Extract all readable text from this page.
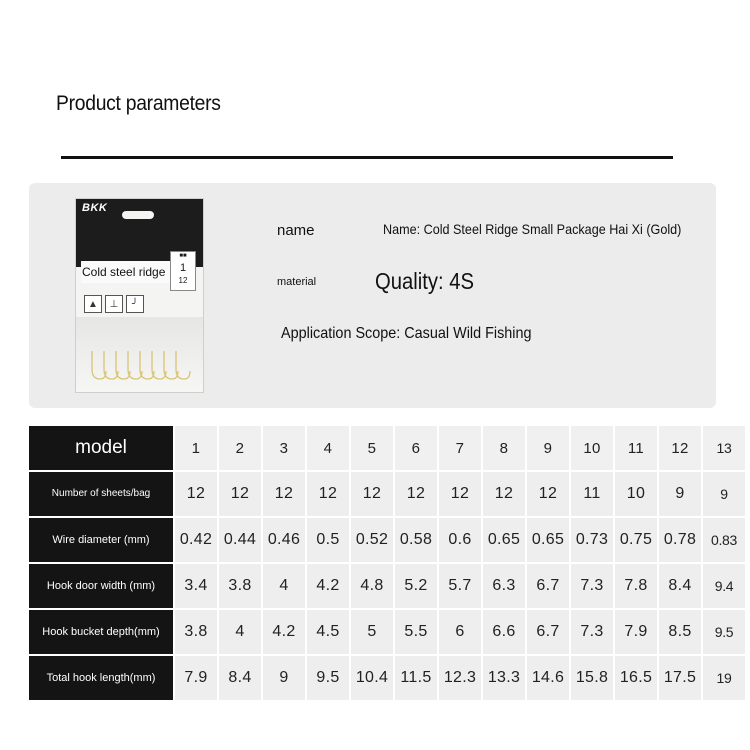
Product parameters
BKK
Cold steel ridge
■■
1
12
▲	⊥	╯
name	Name: Cold Steel Ridge Small Package Hai Xi (Gold)
material	Quality: 4S
Application Scope: Casual Wild Fishing
model	1	2	3	4	5	6	7	8	9	10	11	12	13
Number of sheets/bag	12	12	12	12	12	12	12	12	12	11	10	9	9
Wire diameter (mm)	0.42	0.44	0.46	0.5	0.52	0.58	0.6	0.65	0.65	0.73	0.75	0.78	0.83
Hook door width (mm)	3.4	3.8	4	4.2	4.8	5.2	5.7	6.3	6.7	7.3	7.8	8.4	9.4
Hook bucket depth(mm)	3.8	4	4.2	4.5	5	5.5	6	6.6	6.7	7.3	7.9	8.5	9.5
Total hook length(mm)	7.9	8.4	9	9.5	10.4	11.5	12.3	13.3	14.6	15.8	16.5	17.5	19
